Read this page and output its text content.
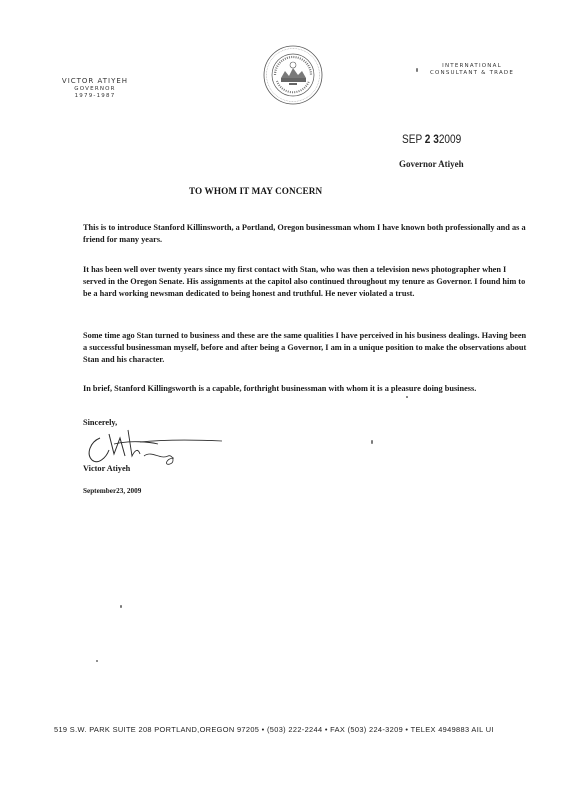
VICTOR ATIYEH
GOVERNOR
1979-1987
INTERNATIONAL
CONSULTANT & TRADE
SEP 2 32009
Governor Atiyeh
TO WHOM IT MAY CONCERN

This is to introduce Stanford Killinsworth, a Portland, Oregon businessman whom I have known both professionally and as a friend for many years.

It has been well over twenty years since my first contact with Stan, who was then a television news photographer when I served in the Oregon Senate. His assignments at the capitol also continued throughout my tenure as Governor. I found him to be a hard working newsman dedicated to being honest and truthful. He never violated a trust.

Some time ago Stan turned to business and these are the same qualities I have perceived in his business dealings. Having been a successful businessman myself, before and after being a Governor, I am in a unique position to make the observations about Stan and his character.

In brief, Stanford Killingsworth is a capable, forthright businessman with whom it is a pleasure doing business.

Sincerely,
Victor Atiyeh
September23, 2009
519 S.W. PARK SUITE 208 PORTLAND,OREGON 97205 • (503) 222-2244 • FAX (503) 224-3209 • TELEX 4949883 AIL UI
